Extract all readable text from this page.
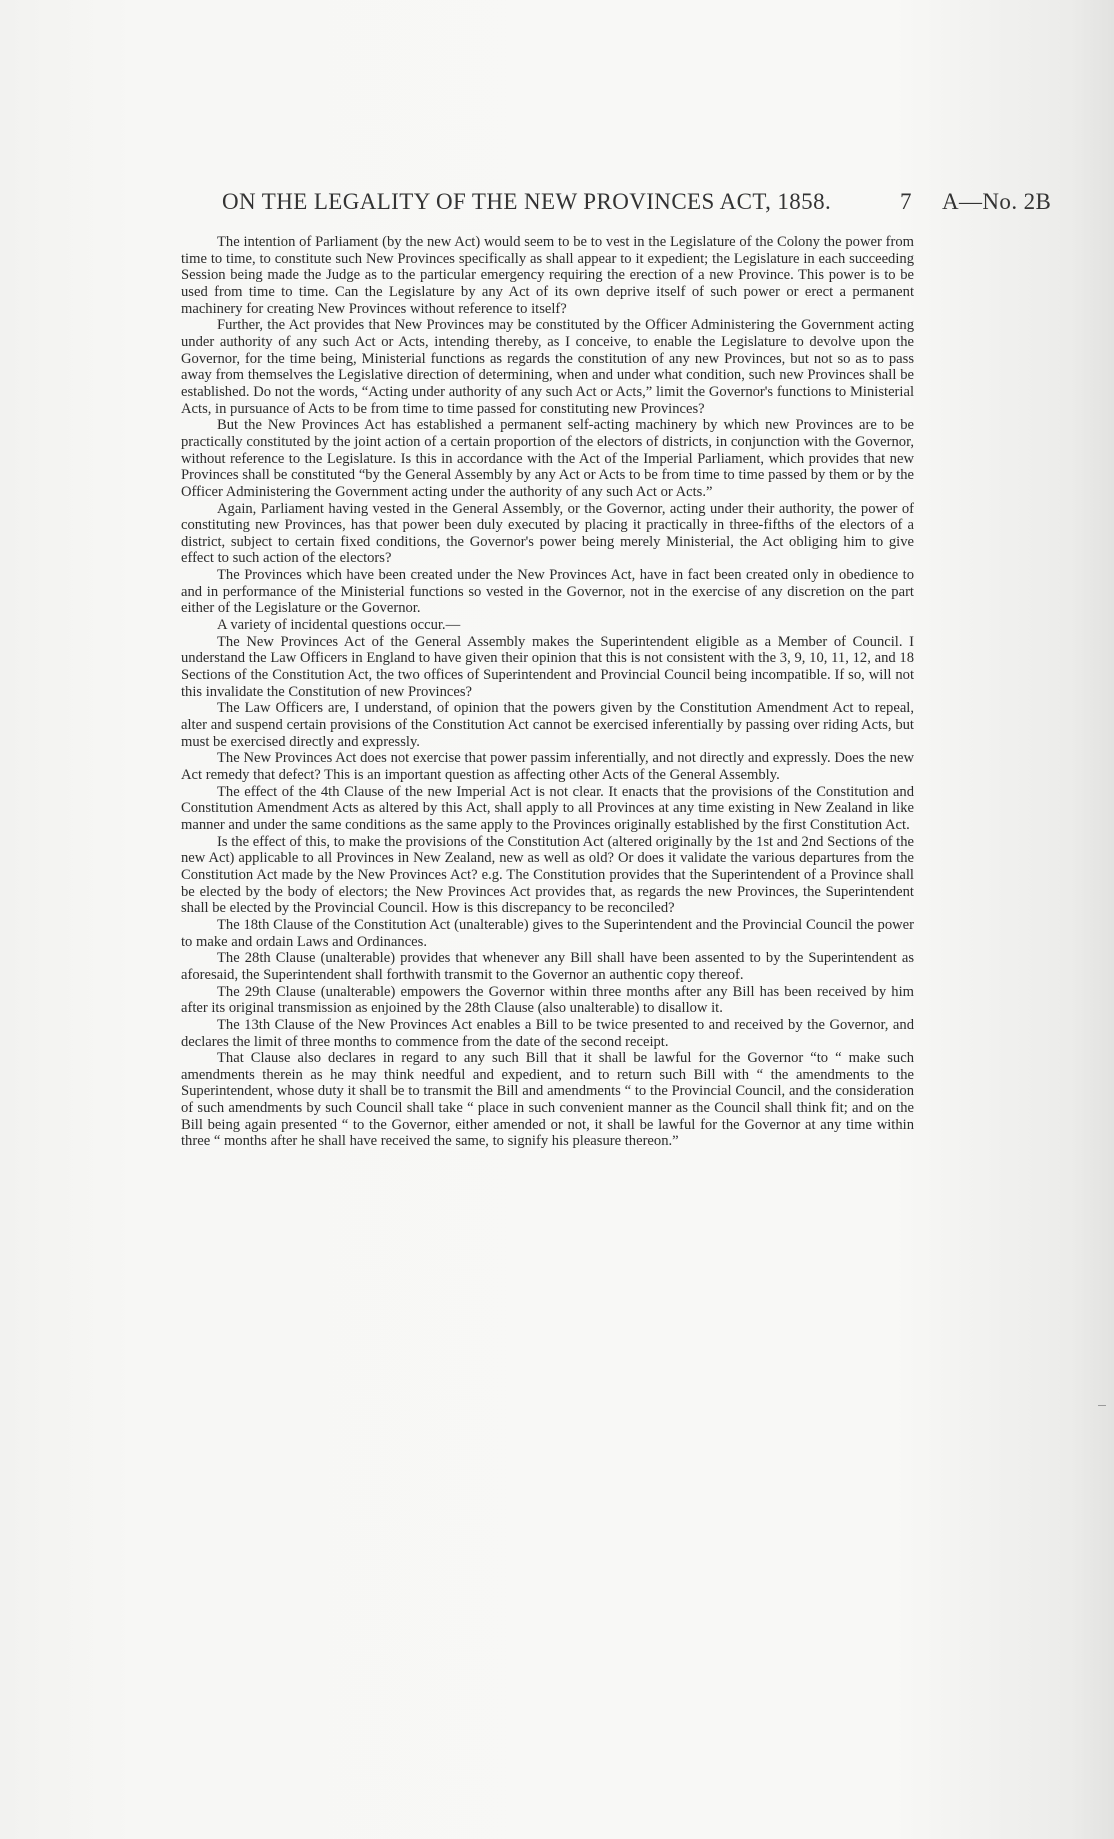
ON THE LEGALITY OF THE NEW PROVINCES ACT, 1858.	7 A—No. 2B

The intention of Parliament (by the new Act) would seem to be to vest in the Legislature of the Colony the power from time to time, to constitute such New Provinces specifically as shall appear to it expedient; the Legislature in each succeeding Session being made the Judge as to the particular emergency requiring the erection of a new Province. This power is to be used from time to time. Can the Legislature by any Act of its own deprive itself of such power or erect a permanent machinery for creating New Provinces without reference to itself?

Further, the Act provides that New Provinces may be constituted by the Officer Administering the Government acting under authority of any such Act or Acts, intending thereby, as I conceive, to enable the Legislature to devolve upon the Governor, for the time being, Ministerial functions as regards the constitution of any new Provinces, but not so as to pass away from themselves the Legislative direction of determining, when and under what condition, such new Provinces shall be established. Do not the words, “Acting under authority of any such Act or Acts,” limit the Governor's functions to Ministerial Acts, in pursuance of Acts to be from time to time passed for constituting new Provinces?

But the New Provinces Act has established a permanent self-acting machinery by which new Provinces are to be practically constituted by the joint action of a certain proportion of the electors of districts, in conjunction with the Governor, without reference to the Legislature. Is this in accordance with the Act of the Imperial Parliament, which provides that new Provinces shall be constituted “by the General Assembly by any Act or Acts to be from time to time passed by them or by the Officer Administering the Government acting under the authority of any such Act or Acts.”

Again, Parliament having vested in the General Assembly, or the Governor, acting under their authority, the power of constituting new Provinces, has that power been duly executed by placing it practically in three-fifths of the electors of a district, subject to certain fixed conditions, the Governor's power being merely Ministerial, the Act obliging him to give effect to such action of the electors?

The Provinces which have been created under the New Provinces Act, have in fact been created only in obedience to and in performance of the Ministerial functions so vested in the Governor, not in the exercise of any discretion on the part either of the Legislature or the Governor.

A variety of incidental questions occur.—

The New Provinces Act of the General Assembly makes the Superintendent eligible as a Member of Council. I understand the Law Officers in England to have given their opinion that this is not consistent with the 3, 9, 10, 11, 12, and 18 Sections of the Constitution Act, the two offices of Superintendent and Provincial Council being incompatible. If so, will not this invalidate the Constitution of new Provinces?

The Law Officers are, I understand, of opinion that the powers given by the Constitution Amendment Act to repeal, alter and suspend certain provisions of the Constitution Act cannot be exercised inferentially by passing over riding Acts, but must be exercised directly and expressly.

The New Provinces Act does not exercise that power passim inferentially, and not directly and expressly. Does the new Act remedy that defect? This is an important question as affecting other Acts of the General Assembly.

The effect of the 4th Clause of the new Imperial Act is not clear. It enacts that the provisions of the Constitution and Constitution Amendment Acts as altered by this Act, shall apply to all Provinces at any time existing in New Zealand in like manner and under the same conditions as the same apply to the Provinces originally established by the first Constitution Act.

Is the effect of this, to make the provisions of the Constitution Act (altered originally by the 1st and 2nd Sections of the new Act) applicable to all Provinces in New Zealand, new as well as old? Or does it validate the various departures from the Constitution Act made by the New Provinces Act? e.g. The Constitution provides that the Superintendent of a Province shall be elected by the body of electors; the New Provinces Act provides that, as regards the new Provinces, the Superintendent shall be elected by the Provincial Council. How is this discrepancy to be reconciled?

The 18th Clause of the Constitution Act (unalterable) gives to the Superintendent and the Provincial Council the power to make and ordain Laws and Ordinances.

The 28th Clause (unalterable) provides that whenever any Bill shall have been assented to by the Superintendent as aforesaid, the Superintendent shall forthwith transmit to the Governor an authentic copy thereof.

The 29th Clause (unalterable) empowers the Governor within three months after any Bill has been received by him after its original transmission as enjoined by the 28th Clause (also unalterable) to disallow it.

The 13th Clause of the New Provinces Act enables a Bill to be twice presented to and received by the Governor, and declares the limit of three months to commence from the date of the second receipt.

That Clause also declares in regard to any such Bill that it shall be lawful for the Governor “to “ make such amendments therein as he may think needful and expedient, and to return such Bill with “ the amendments to the Superintendent, whose duty it shall be to transmit the Bill and amendments “ to the Provincial Council, and the consideration of such amendments by such Council shall take “ place in such convenient manner as the Council shall think fit; and on the Bill being again presented “ to the Governor, either amended or not, it shall be lawful for the Governor at any time within three “ months after he shall have received the same, to signify his pleasure thereon.”
